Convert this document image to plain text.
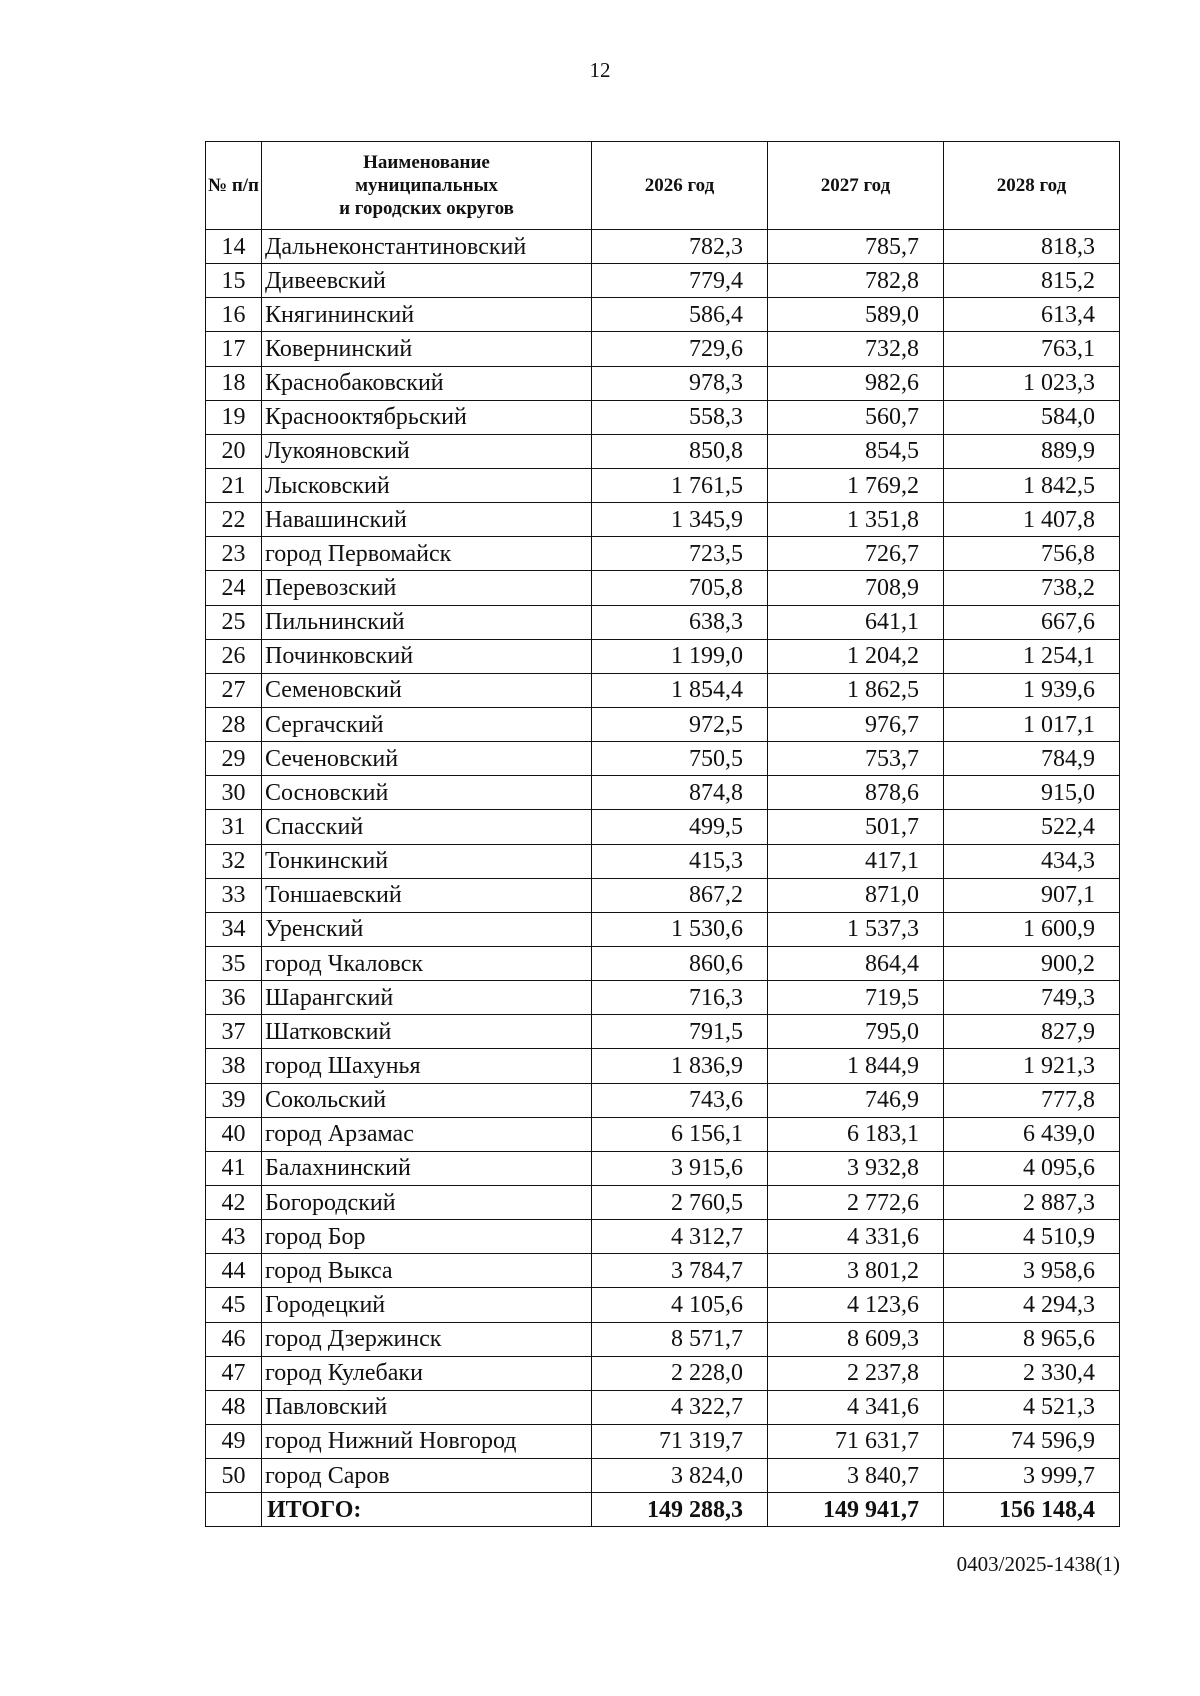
12
№ п/п	Наименование
муниципальных
и городских округов	2026 год	2027 год	2028 год
14	Дальнеконстантиновский	782,3	785,7	818,3
15	Дивеевский	779,4	782,8	815,2
16	Княгининский	586,4	589,0	613,4
17	Ковернинский	729,6	732,8	763,1
18	Краснобаковский	978,3	982,6	1 023,3
19	Краснооктябрьский	558,3	560,7	584,0
20	Лукояновский	850,8	854,5	889,9
21	Лысковский	1 761,5	1 769,2	1 842,5
22	Навашинский	1 345,9	1 351,8	1 407,8
23	город Первомайск	723,5	726,7	756,8
24	Перевозский	705,8	708,9	738,2
25	Пильнинский	638,3	641,1	667,6
26	Починковский	1 199,0	1 204,2	1 254,1
27	Семеновский	1 854,4	1 862,5	1 939,6
28	Сергачский	972,5	976,7	1 017,1
29	Сеченовский	750,5	753,7	784,9
30	Сосновский	874,8	878,6	915,0
31	Спасский	499,5	501,7	522,4
32	Тонкинский	415,3	417,1	434,3
33	Тоншаевский	867,2	871,0	907,1
34	Уренский	1 530,6	1 537,3	1 600,9
35	город Чкаловск	860,6	864,4	900,2
36	Шарангский	716,3	719,5	749,3
37	Шатковский	791,5	795,0	827,9
38	город Шахунья	1 836,9	1 844,9	1 921,3
39	Сокольский	743,6	746,9	777,8
40	город Арзамас	6 156,1	6 183,1	6 439,0
41	Балахнинский	3 915,6	3 932,8	4 095,6
42	Богородский	2 760,5	2 772,6	2 887,3
43	город Бор	4 312,7	4 331,6	4 510,9
44	город Выкса	3 784,7	3 801,2	3 958,6
45	Городецкий	4 105,6	4 123,6	4 294,3
46	город Дзержинск	8 571,7	8 609,3	8 965,6
47	город Кулебаки	2 228,0	2 237,8	2 330,4
48	Павловский	4 322,7	4 341,6	4 521,3
49	город Нижний Новгород	71 319,7	71 631,7	74 596,9
50	город Саров	3 824,0	3 840,7	3 999,7
	ИТОГО:	149 288,3	149 941,7	156 148,4
0403/2025-1438(1)
